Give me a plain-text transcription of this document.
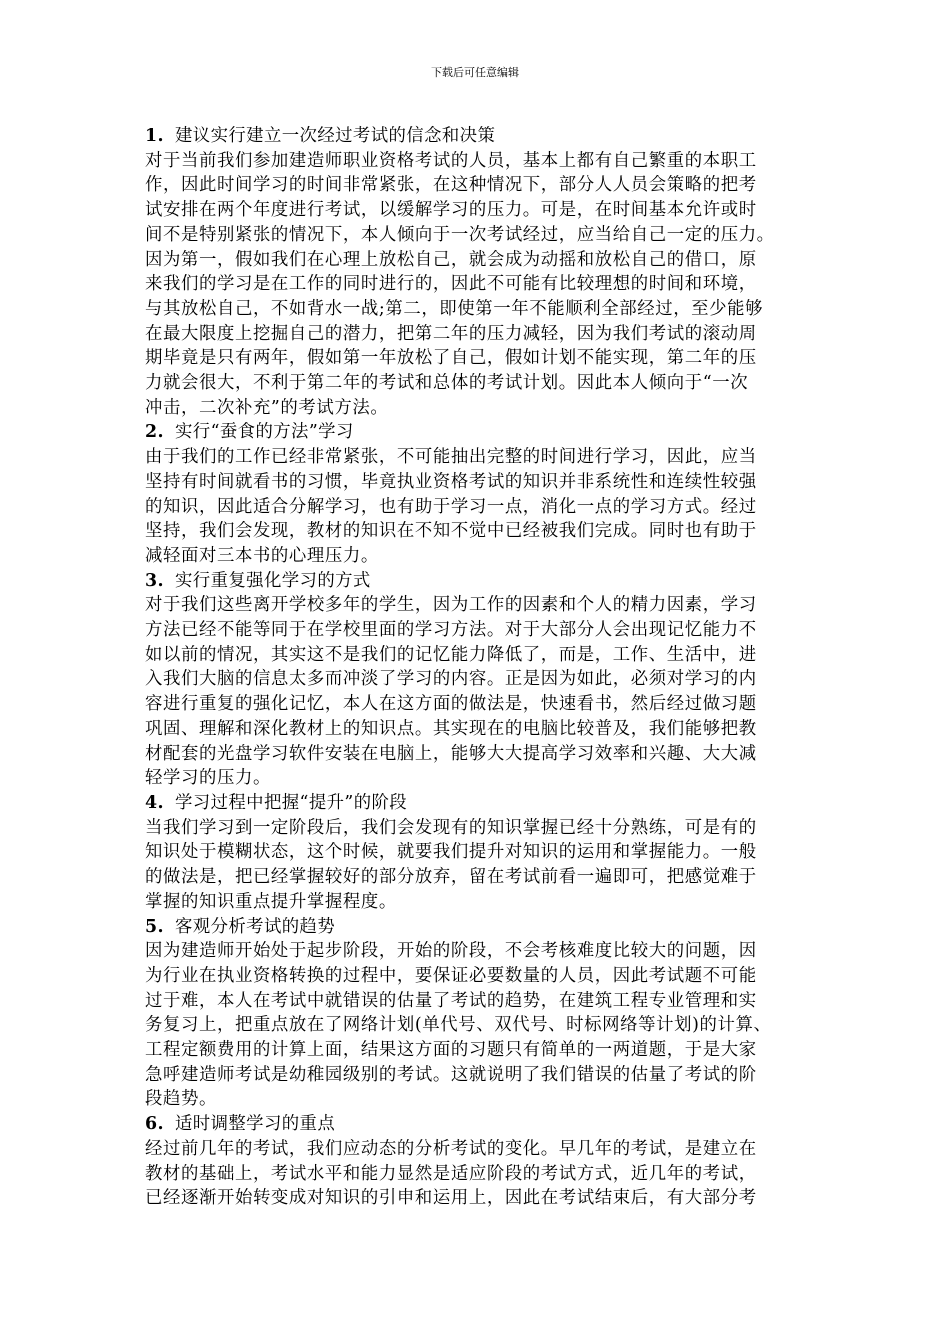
下载后可任意编辑
1. 建议实行建立一次经过考试的信念和决策
对于当前我们参加建造师职业资格考试的人员，基本上都有自己繁重的本职工
作，因此时间学习的时间非常紧张，在这种情况下，部分人人员会策略的把考
试安排在两个年度进行考试，以缓解学习的压力。可是，在时间基本允许或时
间不是特别紧张的情况下，本人倾向于一次考试经过，应当给自己一定的压力。
因为第一，假如我们在心理上放松自己，就会成为动摇和放松自己的借口，原
来我们的学习是在工作的同时进行的，因此不可能有比较理想的时间和环境，
与其放松自己，不如背水一战;第二，即使第一年不能顺利全部经过，至少能够
在最大限度上挖掘自己的潜力，把第二年的压力减轻，因为我们考试的滚动周
期毕竟是只有两年，假如第一年放松了自己，假如计划不能实现，第二年的压
力就会很大，不利于第二年的考试和总体的考试计划。因此本人倾向于“一次
冲击，二次补充”的考试方法。
2. 实行“蚕食的方法”学习
由于我们的工作已经非常紧张，不可能抽出完整的时间进行学习，因此，应当
坚持有时间就看书的习惯，毕竟执业资格考试的知识并非系统性和连续性较强
的知识，因此适合分解学习，也有助于学习一点，消化一点的学习方式。经过
坚持，我们会发现，教材的知识在不知不觉中已经被我们完成。同时也有助于
减轻面对三本书的心理压力。
3. 实行重复强化学习的方式
对于我们这些离开学校多年的学生，因为工作的因素和个人的精力因素，学习
方法已经不能等同于在学校里面的学习方法。对于大部分人会出现记忆能力不
如以前的情况，其实这不是我们的记忆能力降低了，而是，工作、生活中，进
入我们大脑的信息太多而冲淡了学习的内容。正是因为如此，必须对学习的内
容进行重复的强化记忆，本人在这方面的做法是，快速看书，然后经过做习题
巩固、理解和深化教材上的知识点。其实现在的电脑比较普及，我们能够把教
材配套的光盘学习软件安装在电脑上，能够大大提高学习效率和兴趣、大大减
轻学习的压力。
4. 学习过程中把握“提升”的阶段
当我们学习到一定阶段后，我们会发现有的知识掌握已经十分熟练，可是有的
知识处于模糊状态，这个时候，就要我们提升对知识的运用和掌握能力。一般
的做法是，把已经掌握较好的部分放弃，留在考试前看一遍即可，把感觉难于
掌握的知识重点提升掌握程度。
5. 客观分析考试的趋势
因为建造师开始处于起步阶段，开始的阶段，不会考核难度比较大的问题，因
为行业在执业资格转换的过程中，要保证必要数量的人员，因此考试题不可能
过于难，本人在考试中就错误的估量了考试的趋势，在建筑工程专业管理和实
务复习上，把重点放在了网络计划(单代号、双代号、时标网络等计划)的计算、
工程定额费用的计算上面，结果这方面的习题只有简单的一两道题，于是大家
急呼建造师考试是幼稚园级别的考试。这就说明了我们错误的估量了考试的阶
段趋势。
6. 适时调整学习的重点
经过前几年的考试，我们应动态的分析考试的变化。早几年的考试，是建立在
教材的基础上，考试水平和能力显然是适应阶段的考试方式，近几年的考试，
已经逐渐开始转变成对知识的引申和运用上，因此在考试结束后，有大部分考
